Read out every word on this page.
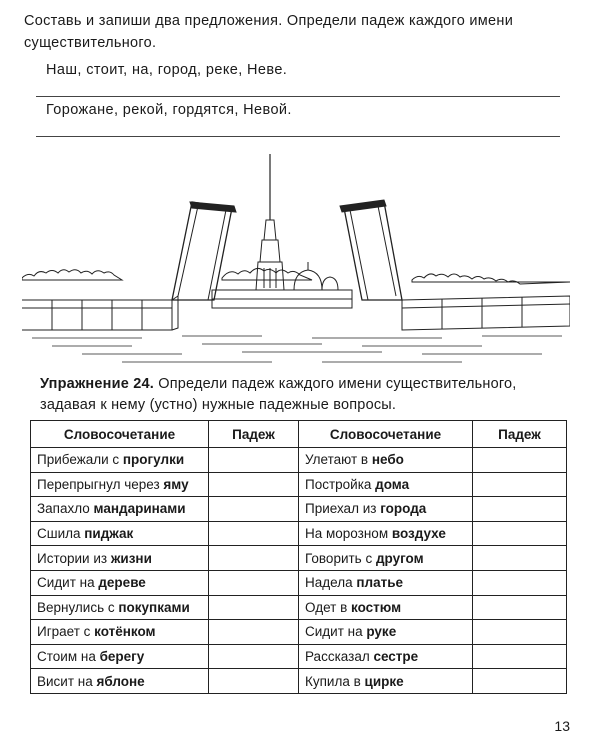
Составь и запиши два предложения. Определи падеж каждого имени существительного.
Наш, стоит, на, город, реке, Неве.
Горожане, рекой, гордятся, Невой.
Упражнение 24. Определи падеж каждого имени существительного, задавая к нему (устно) нужные падежные вопросы.
Словосочетание	Падеж	Словосочетание	Падеж
Прибежали с прогулки		Улетают в небо	
Перепрыгнул через яму		Постройка дома	
Запахло мандаринами		Приехал из города	
Сшила пиджак		На морозном воздухе	
Истории из жизни		Говорить с другом	
Сидит на дереве		Надела платье	
Вернулись с покупками		Одет в костюм	
Играет с котёнком		Сидит на руке	
Стоим на берегу		Рассказал сестре	
Висит на яблоне		Купила в цирке	
13
